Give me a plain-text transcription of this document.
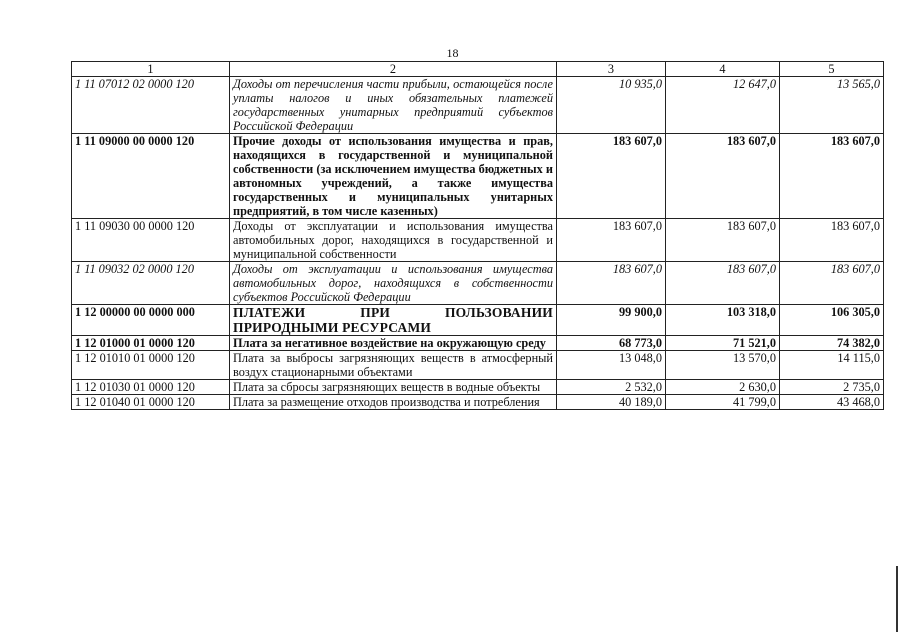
18
1	2	3	4	5
1 11 07012 02 0000 120	Доходы от перечисления части прибыли, остающейся после уплаты налогов и иных обязательных платежей государственных унитарных предприятий субъектов Российской Федерации	10 935,0	12 647,0	13 565,0
1 11 09000 00 0000 120	Прочие доходы от использования имущества и прав, находящихся в государственной и муниципальной собственности (за исключением имущества бюджетных и автономных учреждений, а также имущества государственных и муниципальных унитарных предприятий, в том числе казенных)	183 607,0	183 607,0	183 607,0
1 11 09030 00 0000 120	Доходы от эксплуатации и использования имущества автомобильных дорог, находящихся в государственной и муниципальной собственности	183 607,0	183 607,0	183 607,0
1 11 09032 02 0000 120	Доходы от эксплуатации и использования имущества автомобильных дорог, находящихся в собственности субъектов Российской Федерации	183 607,0	183 607,0	183 607,0
1 12 00000 00 0000 000	ПЛАТЕЖИ ПРИ ПОЛЬЗОВАНИИ ПРИРОДНЫМИ РЕСУРСАМИ	99 900,0	103 318,0	106 305,0
1 12 01000 01 0000 120	Плата за негативное воздействие на окружающую среду	68 773,0	71 521,0	74 382,0
1 12 01010 01 0000 120	Плата за выбросы загрязняющих веществ в атмосферный воздух стационарными объектами	13 048,0	13 570,0	14 115,0
1 12 01030 01 0000 120	Плата за сбросы загрязняющих веществ в водные объекты	2 532,0	2 630,0	2 735,0
1 12 01040 01 0000 120	Плата за размещение отходов производства и потребления	40 189,0	41 799,0	43 468,0
